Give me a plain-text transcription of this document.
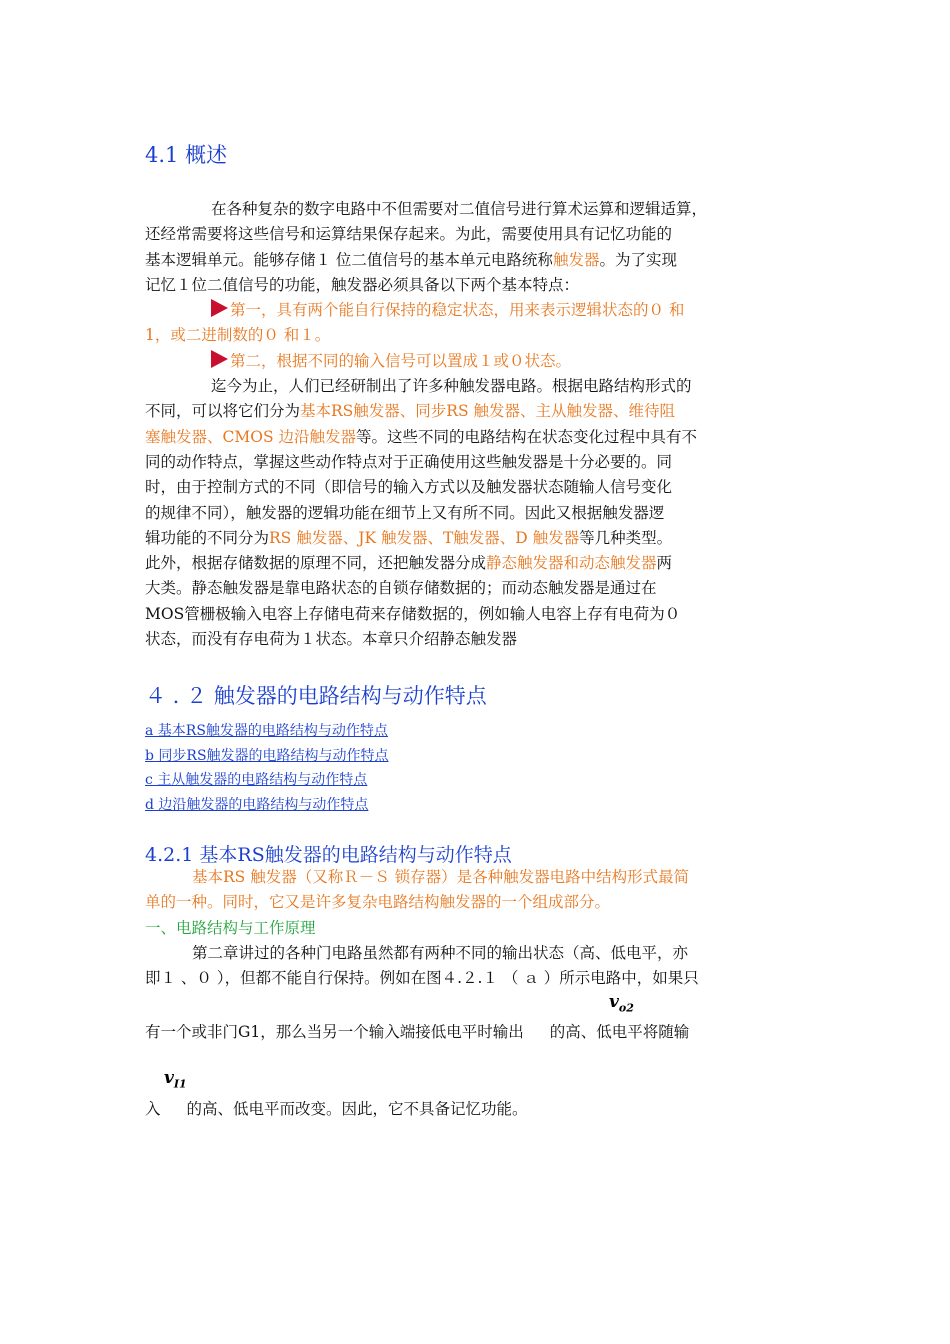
4.1 概述
在各种复杂的数字电路中不但需要对二值信号进行算术运算和逻辑适算，
还经常需要将这些信号和运算结果保存起来。为此，需要使用具有记忆功能的
基本逻辑单元。能够存储１ 位二值信号的基本单元电路统称触发器。为了实现
记忆１位二值信号的功能，触发器必须具备以下两个基本特点：
第一，具有两个能自行保持的稳定状态，用来表示逻辑状态的０ 和
1，或二进制数的０ 和１。
第二，根据不同的输入信号可以置成１或０状态。
迄今为止，人们已经研制出了许多种触发器电路。根据电路结构形式的
不同，可以将它们分为基本RS触发器、同步RS 触发器、主从触发器、维待阻
塞触发器、CMOS 边沿触发器等。这些不同的电路结构在状态变化过程中具有不
同的动作特点，掌握这些动作特点对于正确使用这些触发器是十分必要的。同
时，由于控制方式的不同（即信号的输入方式以及触发器状态随输人信号变化
的规律不同），触发器的逻辑功能在细节上又有所不同。因此又根据触发器逻
辑功能的不同分为RS 触发器、JK 触发器、T触发器、D 触发器等几种类型。
此外，根据存储数据的原理不同，还把触发器分成静态触发器和动态触发器两
大类。静态触发器是靠电路状态的自锁存储数据的；而动态触发器是通过在
MOS管栅极输入电容上存储电荷来存储数据的，例如输人电容上存有电荷为０
状态，而没有存电荷为１状态。本章只介绍静态触发器
４ . ２ 触发器的电路结构与动作特点
a 基本RS触发器的电路结构与动作特点
b 同步RS触发器的电路结构与动作特点
c 主从触发器的电路结构与动作特点
d 边沿触发器的电路结构与动作特点
4.2.1 基本RS触发器的电路结构与动作特点
基本RS 触发器（又称Ｒ－Ｓ 锁存器）是各种触发器电路中结构形式最简
单的一种。同时，它又是许多复杂电路结构触发器的一个组成部分。
一、电路结构与工作原理
第二章讲过的各种门电路虽然都有两种不同的输出状态（高、低电平，亦
即１ 、０ ），但都不能自行保持。例如在图４.２.１ （ ａ ）所示电路中，如果只
$v_{o2}$
有一个或非门G1，那么当另一个输入端接低电平时输出 的高、低电平将随输
$v_{I1}$
入 的高、低电平而改变。因此，它不具备记忆功能。
